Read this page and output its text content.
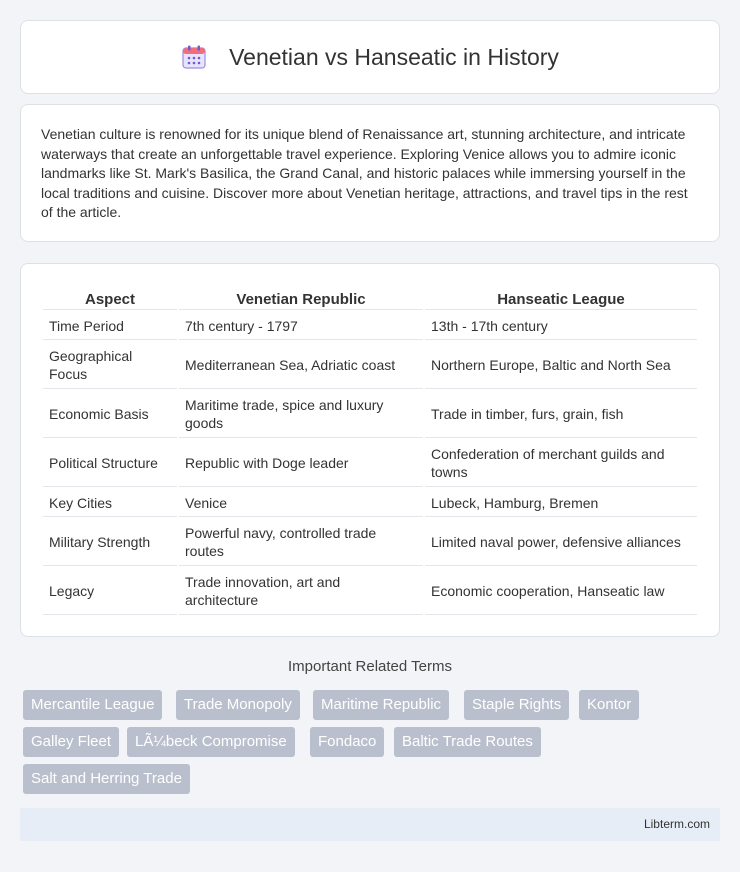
Venetian vs Hanseatic in History

Venetian culture is renowned for its unique blend of Renaissance art, stunning architecture, and intricate waterways that create an unforgettable travel experience. Exploring Venice allows you to admire iconic landmarks like St. Mark's Basilica, the Grand Canal, and historic palaces while immersing yourself in the local traditions and cuisine. Discover more about Venetian heritage, attractions, and travel tips in the rest of the article.

Aspect	Venetian Republic	Hanseatic League
Time Period	7th century - 1797	13th - 17th century
Geographical Focus	Mediterranean Sea, Adriatic coast	Northern Europe, Baltic and North Sea
Economic Basis	Maritime trade, spice and luxury goods	Trade in timber, furs, grain, fish
Political Structure	Republic with Doge leader	Confederation of merchant guilds and towns
Key Cities	Venice	Lubeck, Hamburg, Bremen
Military Strength	Powerful navy, controlled trade routes	Limited naval power, defensive alliances
Legacy	Trade innovation, art and architecture	Economic cooperation, Hanseatic law
Important Related Terms
Mercantile League	Trade Monopoly	Maritime Republic	Staple Rights	Kontor
Galley Fleet	LÃ¼beck Compromise	Fondaco	Baltic Trade Routes
Salt and Herring Trade
Libterm.com
